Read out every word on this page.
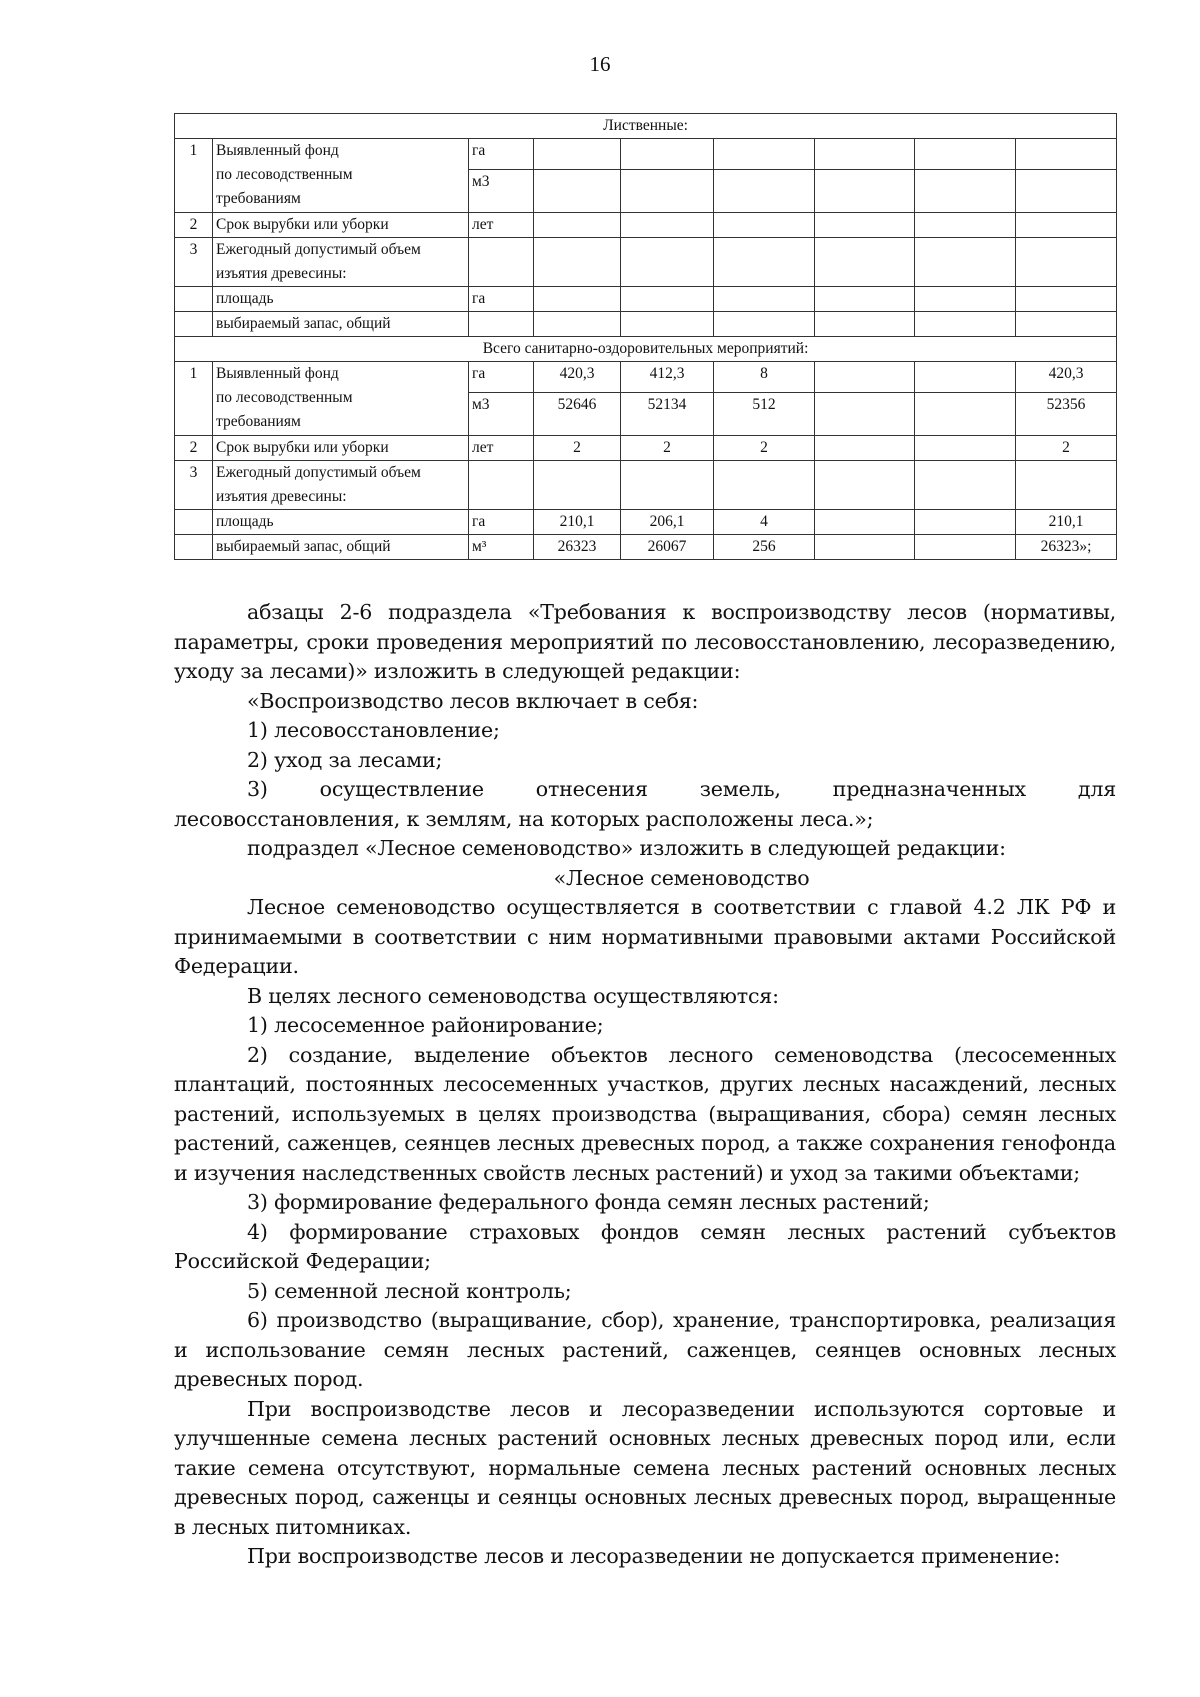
16
Лиственные:								
1	Выявленный фонд
по лесоводственным
требованиям	га						
		м3						
2	Срок вырубки или уборки	лет						
3	Ежегодный допустимый объем
изъятия древесины:							
	площадь	га						
	выбираемый запас, общий							
Всего санитарно-оздоровительных мероприятий:								
1	Выявленный фонд
по лесоводственным
требованиям	га	420,3	412,3	8			420,3
		м3	52646	52134	512			52356
2	Срок вырубки или уборки	лет	2	2	2			2
3	Ежегодный допустимый объем
изъятия древесины:							
	площадь	га	210,1	206,1	4			210,1
	выбираемый запас, общий	м³	26323	26067	256			26323»;

абзацы 2-6 подраздела «Требования к воспроизводству лесов (нормативы, параметры, сроки проведения мероприятий по лесовосстановлению, лесоразведению, уходу за лесами)» изложить в следующей редакции:

«Воспроизводство лесов включает в себя:

1) лесовосстановление;

2) уход за лесами;

3) осуществление отнесения земель, предназначенных для лесовосстановления, к землям, на которых расположены леса.»;

подраздел «Лесное семеноводство» изложить в следующей редакции:

«Лесное семеноводство

Лесное семеноводство осуществляется в соответствии с главой 4.2 ЛК РФ и принимаемыми в соответствии с ним нормативными правовыми актами Российской Федерации.

В целях лесного семеноводства осуществляются:

1) лесосеменное районирование;

2) создание, выделение объектов лесного семеноводства (лесосеменных плантаций, постоянных лесосеменных участков, других лесных насаждений, лесных растений, используемых в целях производства (выращивания, сбора) семян лесных растений, саженцев, сеянцев лесных древесных пород, а также сохранения генофонда и изучения наследственных свойств лесных растений) и уход за такими объектами;

3) формирование федерального фонда семян лесных растений;

4) формирование страховых фондов семян лесных растений субъектов Российской Федерации;

5) семенной лесной контроль;

6) производство (выращивание, сбор), хранение, транспортировка, реализация и использование семян лесных растений, саженцев, сеянцев основных лесных древесных пород.

При воспроизводстве лесов и лесоразведении используются сортовые и улучшенные семена лесных растений основных лесных древесных пород или, если такие семена отсутствуют, нормальные семена лесных растений основных лесных древесных пород, саженцы и сеянцы основных лесных древесных пород, выращенные в лесных питомниках.

При воспроизводстве лесов и лесоразведении не допускается применение:
